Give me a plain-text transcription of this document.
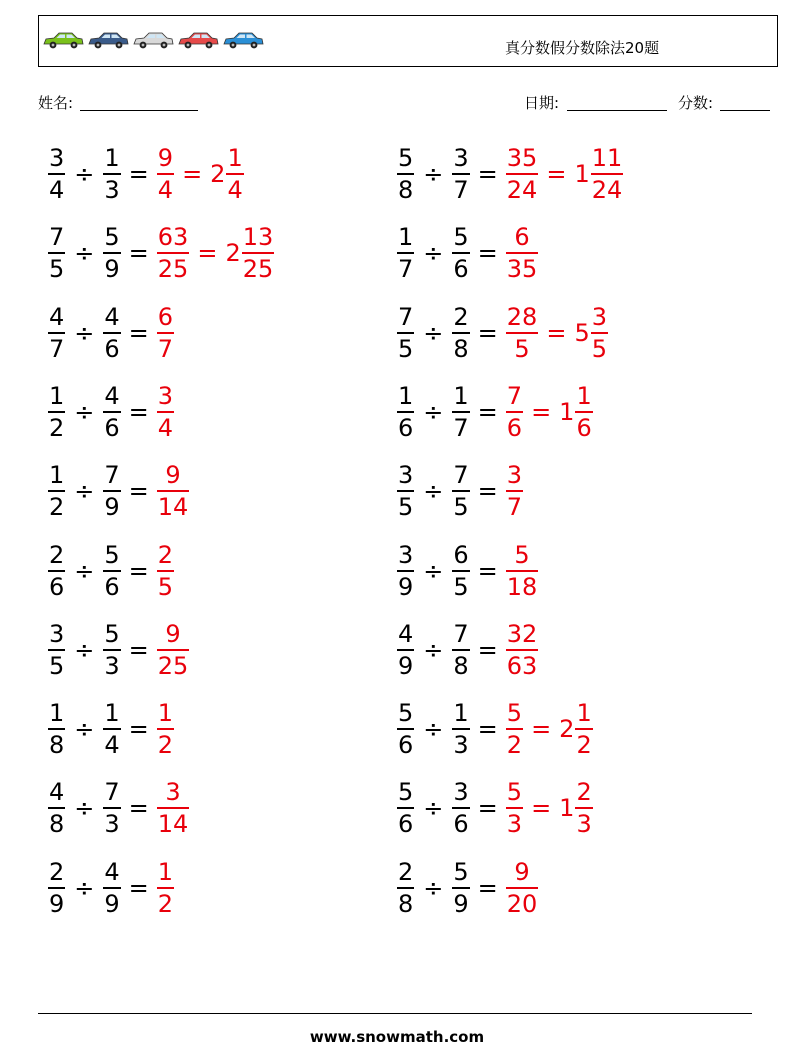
真分数假分数除法20题
姓名:	日期:	分数:
$\frac{3}{4} \div \frac{1}{3} = \frac{9}{4} = 2 \frac{1}{4}$	$\frac{5}{8} \div \frac{3}{7} = \frac{35}{24} = 1 \frac{11}{24}$
$\frac{7}{5} \div \frac{5}{9} = \frac{63}{25} = 2 \frac{13}{25}$	$\frac{1}{7} \div \frac{5}{6} = \frac{6}{35}$
$\frac{4}{7} \div \frac{4}{6} = \frac{6}{7}$	$\frac{7}{5} \div \frac{2}{8} = \frac{28}{5} = 5 \frac{3}{5}$
$\frac{1}{2} \div \frac{4}{6} = \frac{3}{4}$	$\frac{1}{6} \div \frac{1}{7} = \frac{7}{6} = 1 \frac{1}{6}$
$\frac{1}{2} \div \frac{7}{9} = \frac{9}{14}$	$\frac{3}{5} \div \frac{7}{5} = \frac{3}{7}$
$\frac{2}{6} \div \frac{5}{6} = \frac{2}{5}$	$\frac{3}{9} \div \frac{6}{5} = \frac{5}{18}$
$\frac{3}{5} \div \frac{5}{3} = \frac{9}{25}$	$\frac{4}{9} \div \frac{7}{8} = \frac{32}{63}$
$\frac{1}{8} \div \frac{1}{4} = \frac{1}{2}$	$\frac{5}{6} \div \frac{1}{3} = \frac{5}{2} = 2 \frac{1}{2}$
$\frac{4}{8} \div \frac{7}{3} = \frac{3}{14}$	$\frac{5}{6} \div \frac{3}{6} = \frac{5}{3} = 1 \frac{2}{3}$
$\frac{2}{9} \div \frac{4}{9} = \frac{1}{2}$	$\frac{2}{8} \div \frac{5}{9} = \frac{9}{20}$
www.snowmath.com
